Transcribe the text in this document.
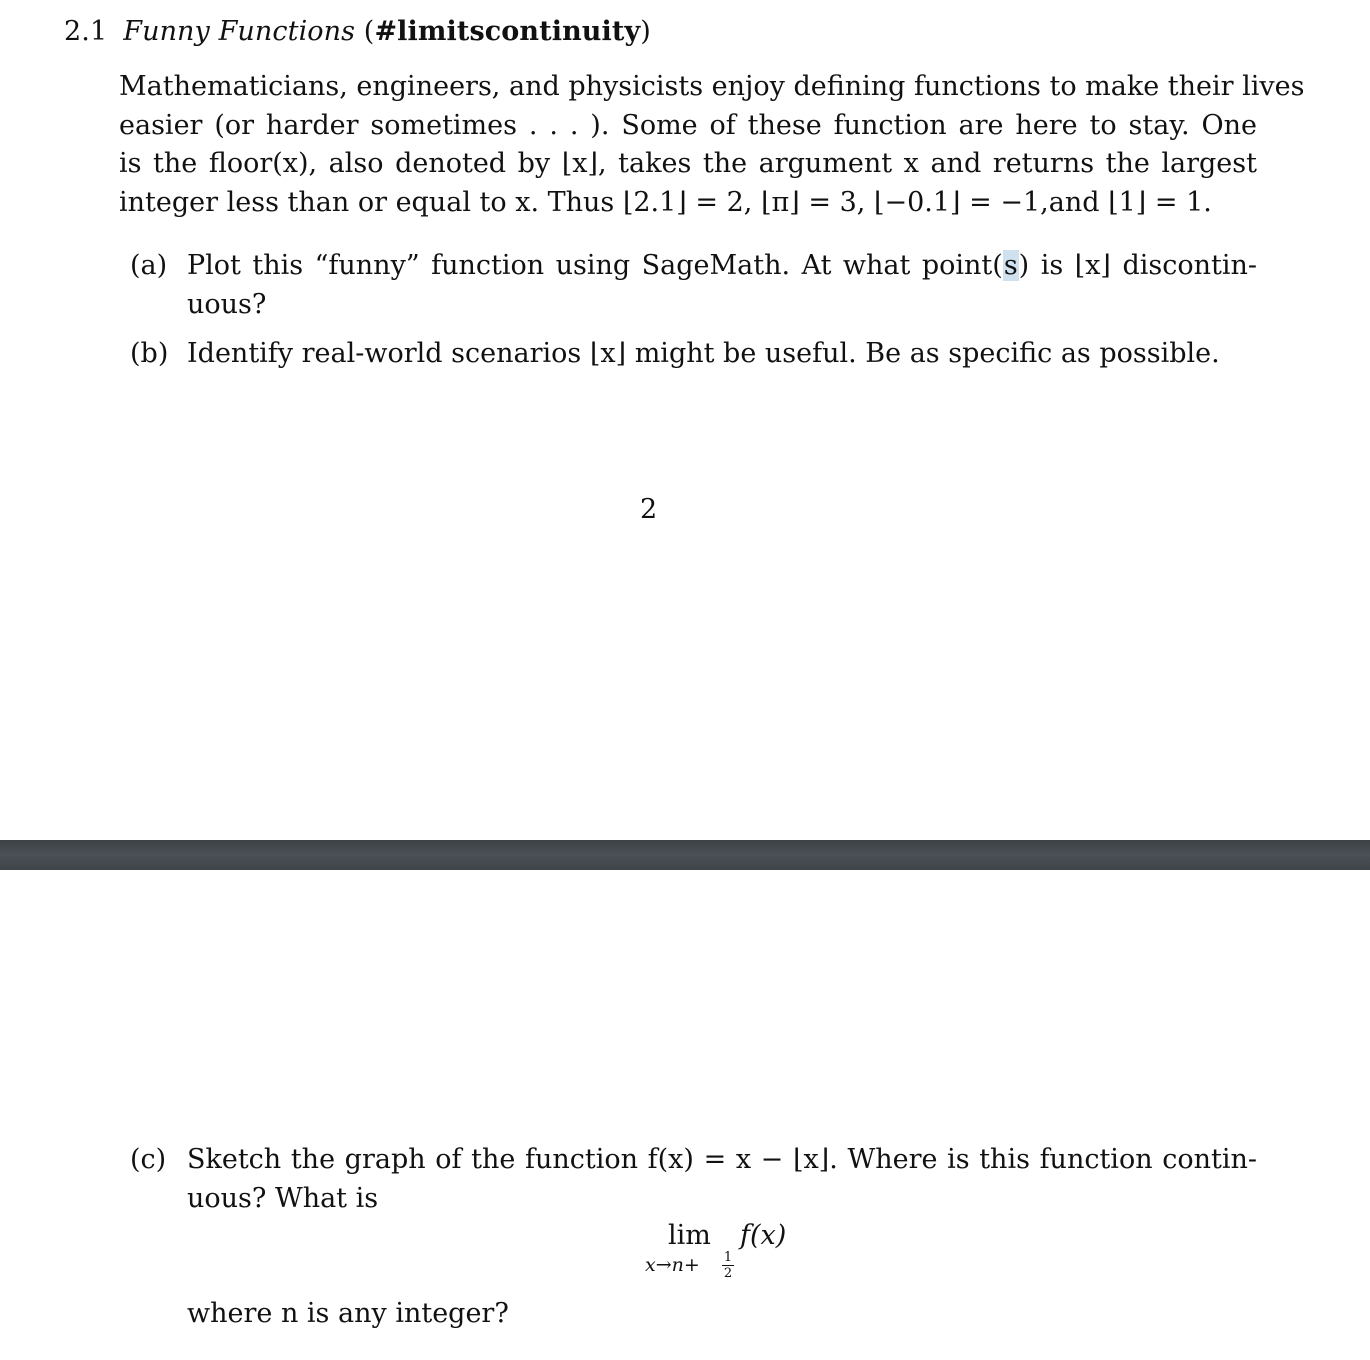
2.1 Funny Functions (#limitscontinuity)
Mathematicians, engineers, and physicists enjoy defining functions to make their lives
easier (or harder sometimes . . . ). Some of these function are here to stay. One
is the floor(x), also denoted by ⌊x⌋, takes the argument x and returns the largest
integer less than or equal to x. Thus ⌊2.1⌋ = 2, ⌊π⌋ = 3, ⌊−0.1⌋ = −1,and ⌊1⌋ = 1.
(a) Plot this “funny” function using SageMath. At what point(s) is ⌊x⌋ discontin-
uous?
(b) Identify real-world scenarios ⌊x⌋ might be useful. Be as specific as possible.
2
(c) Sketch the graph of the function f(x) = x − ⌊x⌋. Where is this function contin-
uous? What is
lim f(x)
x→n+ 1
2
where n is any integer?
